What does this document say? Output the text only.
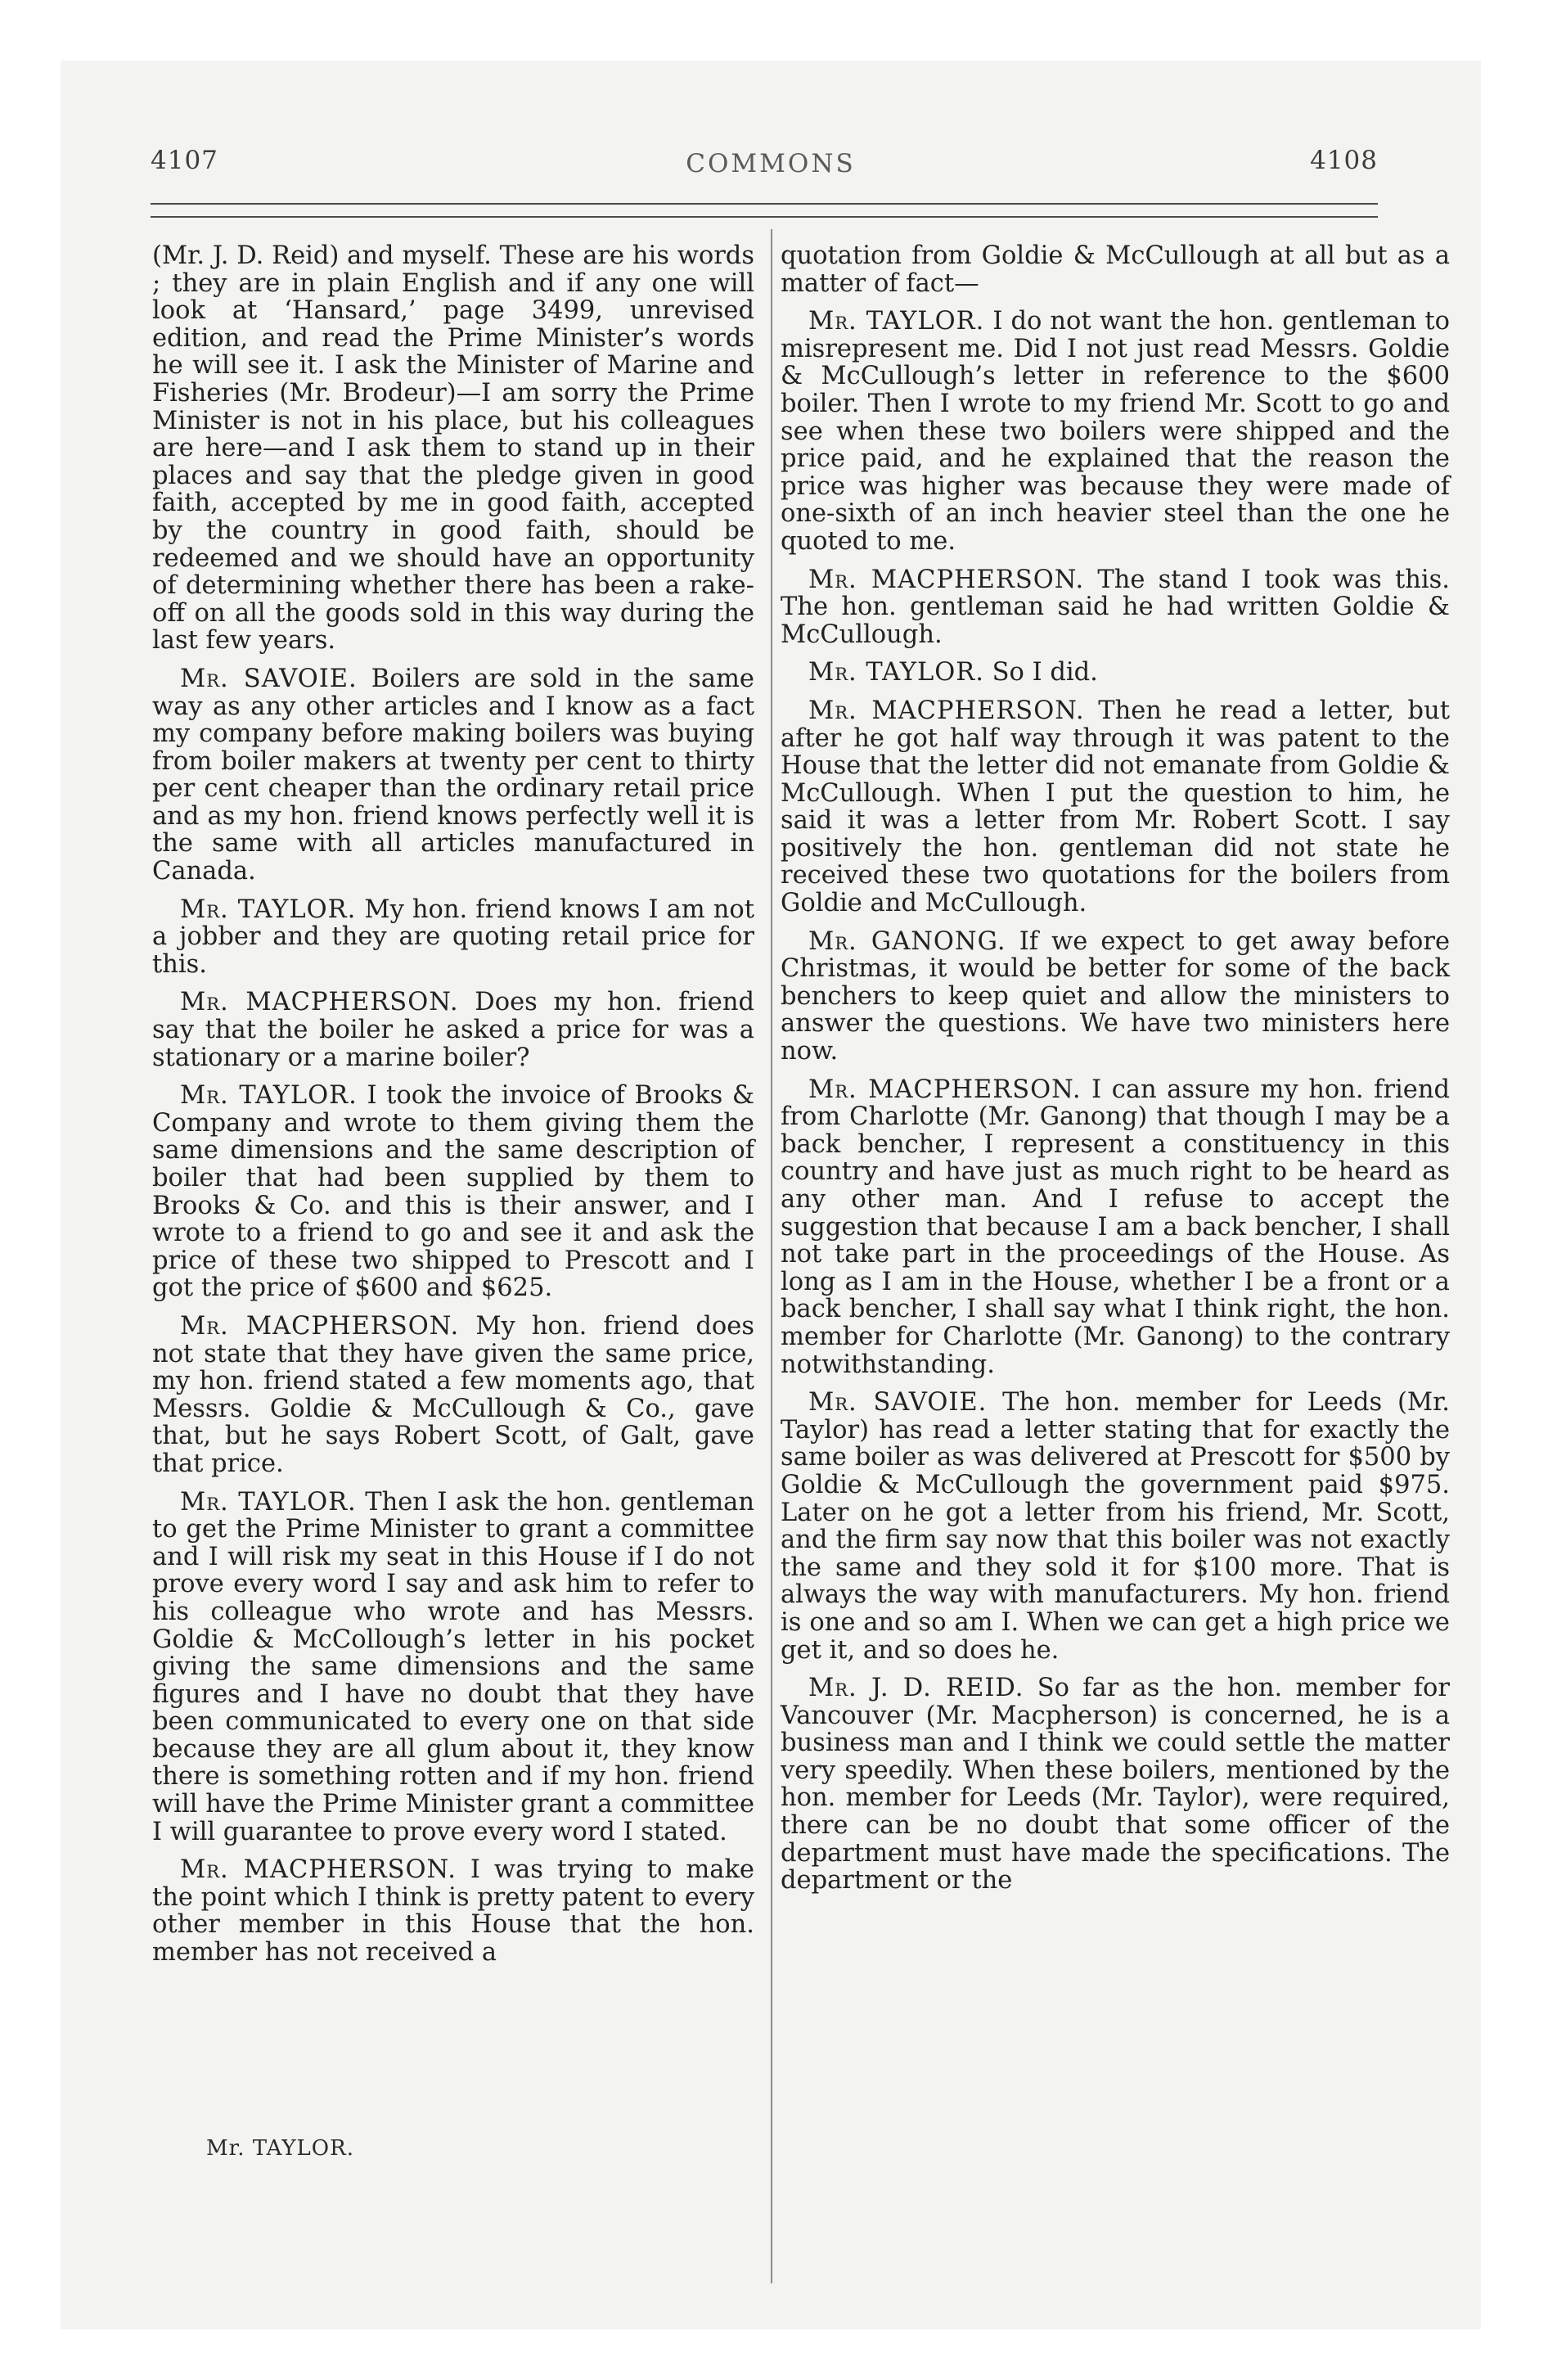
4107	COMMONS	4108

(Mr. J. D. Reid) and myself. These are his words ; they are in plain English and if any one will look at ‘Hansard,’ page 3499, unrevised edition, and read the Prime Minister’s words he will see it. I ask the Minister of Marine and Fisheries (Mr. Brodeur)—I am sorry the Prime Minister is not in his place, but his colleagues are here—and I ask them to stand up in their places and say that the pledge given in good faith, accepted by me in good faith, accepted by the country in good faith, should be redeemed and we should have an opportunity of determining whether there has been a rake-off on all the goods sold in this way during the last few years.

Mr. SAVOIE. Boilers are sold in the same way as any other articles and I know as a fact my company before making boilers was buying from boiler makers at twenty per cent to thirty per cent cheaper than the ordinary retail price and as my hon. friend knows perfectly well it is the same with all articles manufactured in Canada.

Mr. TAYLOR. My hon. friend knows I am not a jobber and they are quoting retail price for this.

Mr. MACPHERSON. Does my hon. friend say that the boiler he asked a price for was a stationary or a marine boiler?

Mr. TAYLOR. I took the invoice of Brooks & Company and wrote to them giving them the same dimensions and the same description of boiler that had been supplied by them to Brooks & Co. and this is their answer, and I wrote to a friend to go and see it and ask the price of these two shipped to Prescott and I got the price of $600 and $625.

Mr. MACPHERSON. My hon. friend does not state that they have given the same price, my hon. friend stated a few moments ago, that Messrs. Goldie & McCullough & Co., gave that, but he says Robert Scott, of Galt, gave that price.

Mr. TAYLOR. Then I ask the hon. gentleman to get the Prime Minister to grant a committee and I will risk my seat in this House if I do not prove every word I say and ask him to refer to his colleague who wrote and has Messrs. Goldie & McCollough’s letter in his pocket giving the same dimensions and the same figures and I have no doubt that they have been communicated to every one on that side because they are all glum about it, they know there is something rotten and if my hon. friend will have the Prime Minister grant a committee I will guarantee to prove every word I stated.

Mr. MACPHERSON. I was trying to make the point which I think is pretty patent to every other member in this House that the hon. member has not received a

Mr. TAYLOR.

quotation from Goldie & McCullough at all but as a matter of fact—

Mr. TAYLOR. I do not want the hon. gentleman to misrepresent me. Did I not just read Messrs. Goldie & McCullough’s letter in reference to the $600 boiler. Then I wrote to my friend Mr. Scott to go and see when these two boilers were shipped and the price paid, and he explained that the reason the price was higher was because they were made of one-sixth of an inch heavier steel than the one he quoted to me.

Mr. MACPHERSON. The stand I took was this. The hon. gentleman said he had written Goldie & McCullough.

Mr. TAYLOR. So I did.

Mr. MACPHERSON. Then he read a letter, but after he got half way through it was patent to the House that the letter did not emanate from Goldie & McCullough. When I put the question to him, he said it was a letter from Mr. Robert Scott. I say positively the hon. gentleman did not state he received these two quotations for the boilers from Goldie and McCullough.

Mr. GANONG. If we expect to get away before Christmas, it would be better for some of the back benchers to keep quiet and allow the ministers to answer the questions. We have two ministers here now.

Mr. MACPHERSON. I can assure my hon. friend from Charlotte (Mr. Ganong) that though I may be a back bencher, I represent a constituency in this country and have just as much right to be heard as any other man. And I refuse to accept the suggestion that because I am a back bencher, I shall not take part in the proceedings of the House. As long as I am in the House, whether I be a front or a back bencher, I shall say what I think right, the hon. member for Charlotte (Mr. Ganong) to the contrary notwithstanding.

Mr. SAVOIE. The hon. member for Leeds (Mr. Taylor) has read a letter stating that for exactly the same boiler as was delivered at Prescott for $500 by Goldie & McCullough the government paid $975. Later on he got a letter from his friend, Mr. Scott, and the firm say now that this boiler was not exactly the same and they sold it for $100 more. That is always the way with manufacturers. My hon. friend is one and so am I. When we can get a high price we get it, and so does he.

Mr. J. D. REID. So far as the hon. member for Vancouver (Mr. Macpherson) is concerned, he is a business man and I think we could settle the matter very speedily. When these boilers, mentioned by the hon. member for Leeds (Mr. Taylor), were required, there can be no doubt that some officer of the department must have made the specifications. The department or the
